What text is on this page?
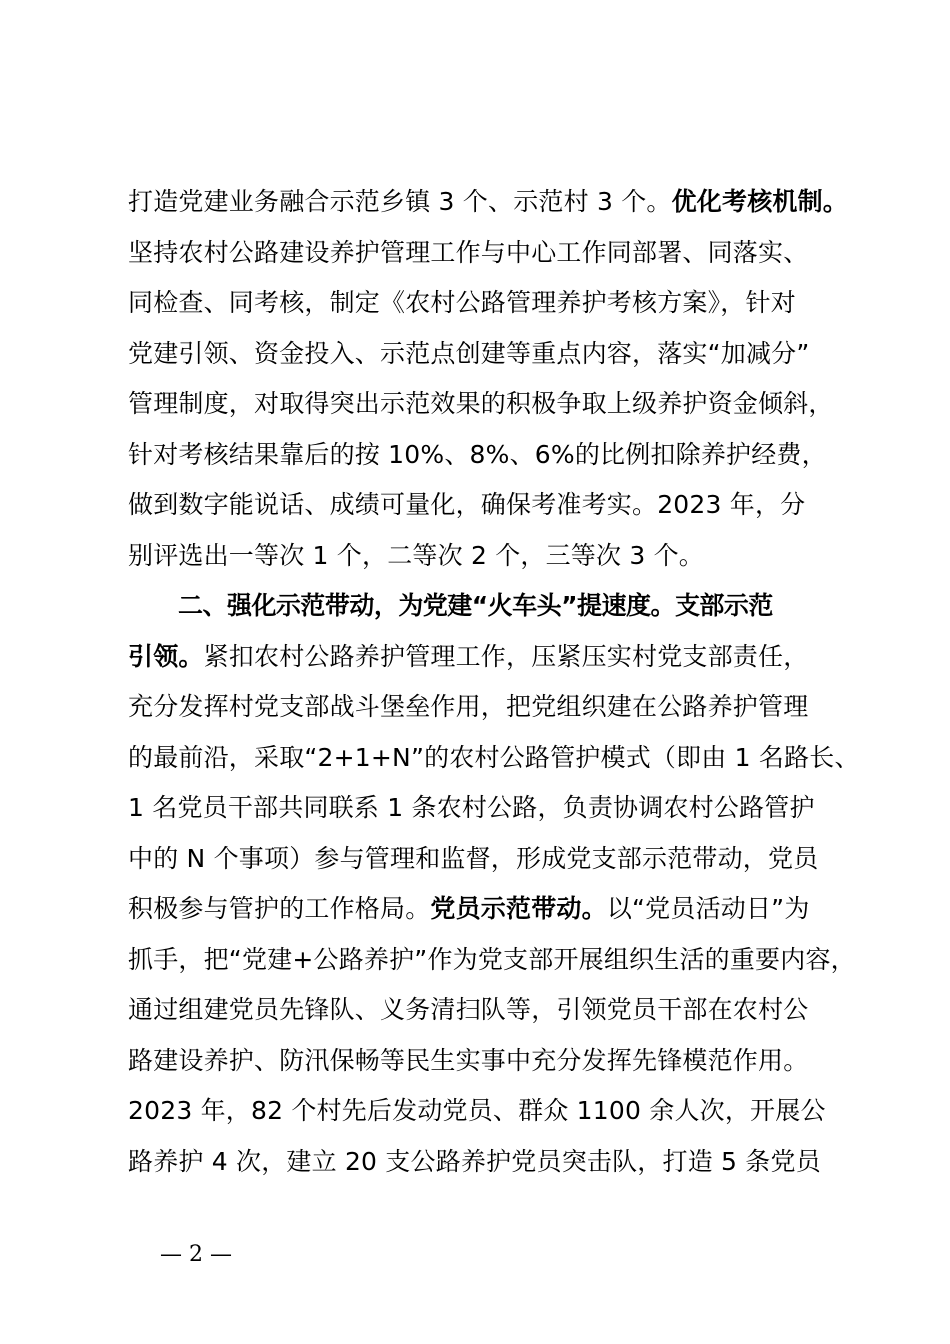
打造党建业务融合示范乡镇 3 个、示范村 3 个。优化考核机制。
坚持农村公路建设养护管理工作与中心工作同部署、同落实、
同检查、同考核，制定《农村公路管理养护考核方案》，针对
党建引领、资金投入、示范点创建等重点内容，落实“加减分”
管理制度，对取得突出示范效果的积极争取上级养护资金倾斜，
针对考核结果靠后的按 10%、8%、6%的比例扣除养护经费，
做到数字能说话、成绩可量化，确保考准考实。2023 年，分
别评选出一等次 1 个，二等次 2 个，三等次 3 个。
二、强化示范带动，为党建“火车头”提速度。支部示范
引领。紧扣农村公路养护管理工作，压紧压实村党支部责任，
充分发挥村党支部战斗堡垒作用，把党组织建在公路养护管理
的最前沿，采取“2+1+N”的农村公路管护模式（即由 1 名路长、
1 名党员干部共同联系 1 条农村公路，负责协调农村公路管护
中的 N 个事项）参与管理和监督，形成党支部示范带动，党员
积极参与管护的工作格局。党员示范带动。以“党员活动日”为
抓手，把“党建+公路养护”作为党支部开展组织生活的重要内容，
通过组建党员先锋队、义务清扫队等，引领党员干部在农村公
路建设养护、防汛保畅等民生实事中充分发挥先锋模范作用。
2023 年，82 个村先后发动党员、群众 1100 余人次，开展公
路养护 4 次，建立 20 支公路养护党员突击队，打造 5 条党员
— 2 —
